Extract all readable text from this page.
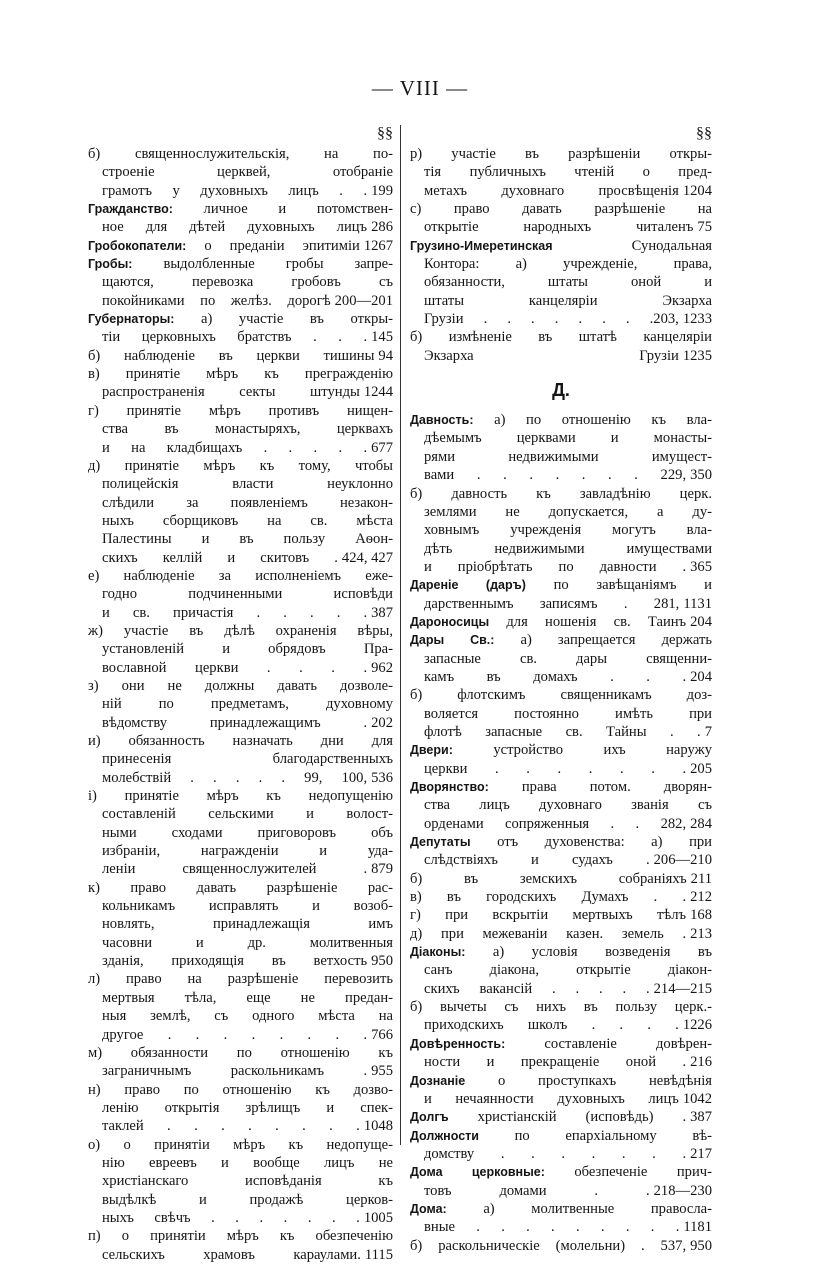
— VIII —
§§
б) священнослужительскія, на по-
строеніе церквей, отобраніе
грамотъ у духовныхъ лицъ . . 199
Гражданство: личное и потомствен-
ное для дѣтей духовныхъ лицъ 286
Гробокопатели: о преданіи эпитиміи 1267
Гробы: выдолбленные гробы запре-
щаются, перевозка гробовъ съ
покойниками по желѣз. дорогѣ 200—201
Губернаторы: а) участіе въ откры-
тіи церковныхъ братствъ . . . 145
б) наблюденіе въ церкви тишины 94
в) принятіе мѣръ къ прегражденію
распространенія секты штунды 1244
г) принятіе мѣръ противъ нищен-
ства въ монастыряхъ, церквахъ
и на кладбищахъ . . . . . 677
д) принятіе мѣръ къ тому, чтобы
полицейскія власти неуклонно
слѣдили за появленіемъ незакон-
ныхъ сборщиковъ на св. мѣста
Палестины и въ пользу Аѳон-
скихъ келлій и скитовъ . 424, 427
е) наблюденіе за исполненіемъ еже-
годно подчиненными исповѣди
и св. причастія . . . . . 387
ж) участіе въ дѣлѣ охраненія вѣры,
установленій и обрядовъ Пра-
вославной церкви . . . . 962
з) они не должны давать дозволе-
ній по предметамъ, духовному
вѣдомству принадлежащимъ . 202
и) обязанность назначать дни для
принесенія благодарственныхъ
молебствій . . . . . 99, 100, 536
і) принятіе мѣръ къ недопущенію
составленій сельскими и волост-
ными сходами приговоровъ объ
избраніи, награжденіи и уда-
леніи священнослужителей . 879
к) право давать разрѣшеніе рас-
кольникамъ исправлять и возоб-
новлять, принадлежащія имъ
часовни и др. молитвенныя
зданія, приходящія въ ветхость 950
л) право на разрѣшеніе перевозить
мертвыя тѣла, еще не предан-
ныя землѣ, съ одного мѣста на
другое . . . . . . . . 766
м) обязанности по отношенію къ
заграничнымъ раскольникамъ . 955
н) право по отношенію къ дозво-
ленію открытія зрѣлищъ и спек-
таклей . . . . . . . . 1048
о) о принятіи мѣръ къ недопуще-
нію евреевъ и вообще лицъ не
христіанскаго исповѣданія къ
выдѣлкѣ и продажѣ церков-
ныхъ свѣчъ . . . . . . . 1005
п) о принятіи мѣръ къ обезпеченію
сельскихъ храмовъ караулами. 1115
§§
р) участіе въ разрѣшеніи откры-
тія публичныхъ чтеній о пред-
метахъ духовнаго просвѣщенія 1204
с) право давать разрѣшеніе на
открытіе народныхъ читаленъ 75
Грузино-Имеретинская Сунодальная
Контора: а) учрежденіе, права,
обязанности, штаты оной и
штаты канцеляріи Экзарха
Грузіи . . . . . . . .203, 1233
б) измѣненіе въ штатѣ канцеляріи
Экзарха Грузіи 1235
Д.
Давность: а) по отношенію къ вла-
дѣемымъ церквами и монасты-
рями недвижимыми имущест-
вами . . . . . . . 229, 350
б) давность къ завладѣнію церк.
землями не допускается, а ду-
ховнымъ учрежденія могутъ вла-
дѣть недвижимыми имуществами
и пріобрѣтать по давности . 365
Дареніе (даръ) по завѣщаніямъ и
дарственнымъ записямъ . 281, 1131
Дароносицы для ношенія св. Таинъ 204
Дары Св.: а) запрещается держать
запасные св. дары священни-
камъ въ домахъ . . . 204
б) флотскимъ священникамъ доз-
воляется постоянно имѣть при
флотѣ запасные св. Тайны . . 7
Двери: устройство ихъ наружу
церкви . . . . . . . 205
Дворянство: права потом. дворян-
ства лицъ духовнаго званія съ
орденами сопряженныя . . 282, 284
Депутаты отъ духовенства: а) при
слѣдствіяхъ и судахъ . 206—210
б) въ земскихъ собраніяхъ 211
в) въ городскихъ Думахъ . . 212
г) при вскрытіи мертвыхъ тѣлъ 168
д) при межеваніи казен. земель . 213
Діаконы: а) условія возведенія въ
санъ діакона, открытіе діакон-
скихъ вакансій . . . . . 214—215
б) вычеты съ нихъ въ пользу церк.-
приходскихъ школъ . . . . 1226
Довѣренность: составленіе довѣрен-
ности и прекращеніе оной . 216
Дознаніе о проступкахъ невѣдѣнія
и нечаянности духовныхъ лицъ 1042
Долгъ христіанскій (исповѣдь) . 387
Должности по епархіальному вѣ-
домству . . . . . . . 217
Дома церковные: обезпеченіе прич-
товъ домами . . 218—230
Дома: а) молитвенные правосла-
вные . . . . . . . . . 1181
б) раскольническіе (молельни) . 537, 950
